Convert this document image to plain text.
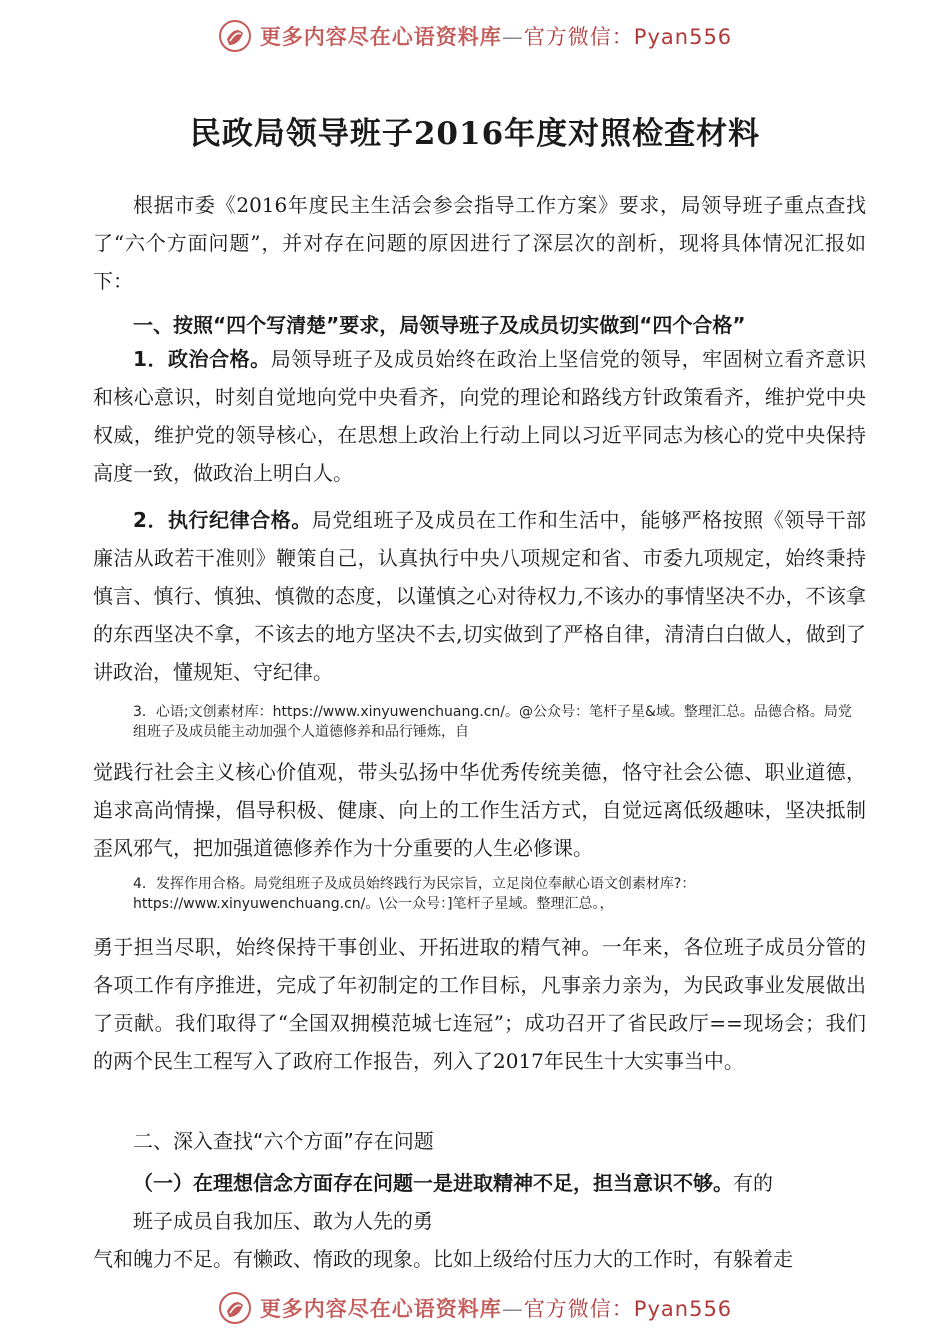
更多内容尽在心语资料库—官方微信：Pyan556
民政局领导班子2016年度对照检查材料
根据市委《2016年度民主生活会参会指导工作方案》要求，局领导班子重点查找了“六个方面问题”，并对存在问题的原因进行了深层次的剖析，现将具体情况汇报如下：
一、按照“四个写清楚”要求，局领导班子及成员切实做到“四个合格”
1．政治合格。局领导班子及成员始终在政治上坚信党的领导，牢固树立看齐意识和核心意识，时刻自觉地向党中央看齐，向党的理论和路线方针政策看齐，维护党中央权威，维护党的领导核心，在思想上政治上行动上同以习近平同志为核心的党中央保持高度一致，做政治上明白人。
2．执行纪律合格。局党组班子及成员在工作和生活中，能够严格按照《领导干部廉洁从政若干准则》鞭策自己，认真执行中央八项规定和省、市委九项规定，始终秉持慎言、慎行、慎独、慎微的态度，以谨慎之心对待权力,不该办的事情坚决不办，不该拿的东西坚决不拿，不该去的地方坚决不去,切实做到了严格自律，清清白白做人，做到了讲政治，懂规矩、守纪律。
3．心语;文创素材库：https://www.xinyuwenchuang.cn/。@公众号：笔杆子星&域。整理汇总。品德合格。局党组班子及成员能主动加强个人道德修养和品行锤炼，自
觉践行社会主义核心价值观，带头弘扬中华优秀传统美德，恪守社会公德、职业道德，追求高尚情操，倡导积极、健康、向上的工作生活方式，自觉远离低级趣味，坚决抵制歪风邪气，把加强道德修养作为十分重要的人生必修课。
4．发挥作用合格。局党组班子及成员始终践行为民宗旨，立足岗位奉献心语文创素材库?：https://www.xinyuwenchuang.cn/。\公一众号：]笔杆子星域。整理汇总。，
勇于担当尽职，始终保持干事创业、开拓进取的精气神。一年来，各位班子成员分管的各项工作有序推进，完成了年初制定的工作目标，凡事亲力亲为，为民政事业发展做出了贡献。我们取得了“全国双拥模范城七连冠”；成功召开了省民政厅==现场会；我们的两个民生工程写入了政府工作报告，列入了2017年民生十大实事当中。
二、深入查找“六个方面”存在问题
（一）在理想信念方面存在问题一是进取精神不足，担当意识不够。有的
班子成员自我加压、敢为人先的勇
气和魄力不足。有懒政、惰政的现象。比如上级给付压力大的工作时，有躲着走
更多内容尽在心语资料库—官方微信：Pyan556
